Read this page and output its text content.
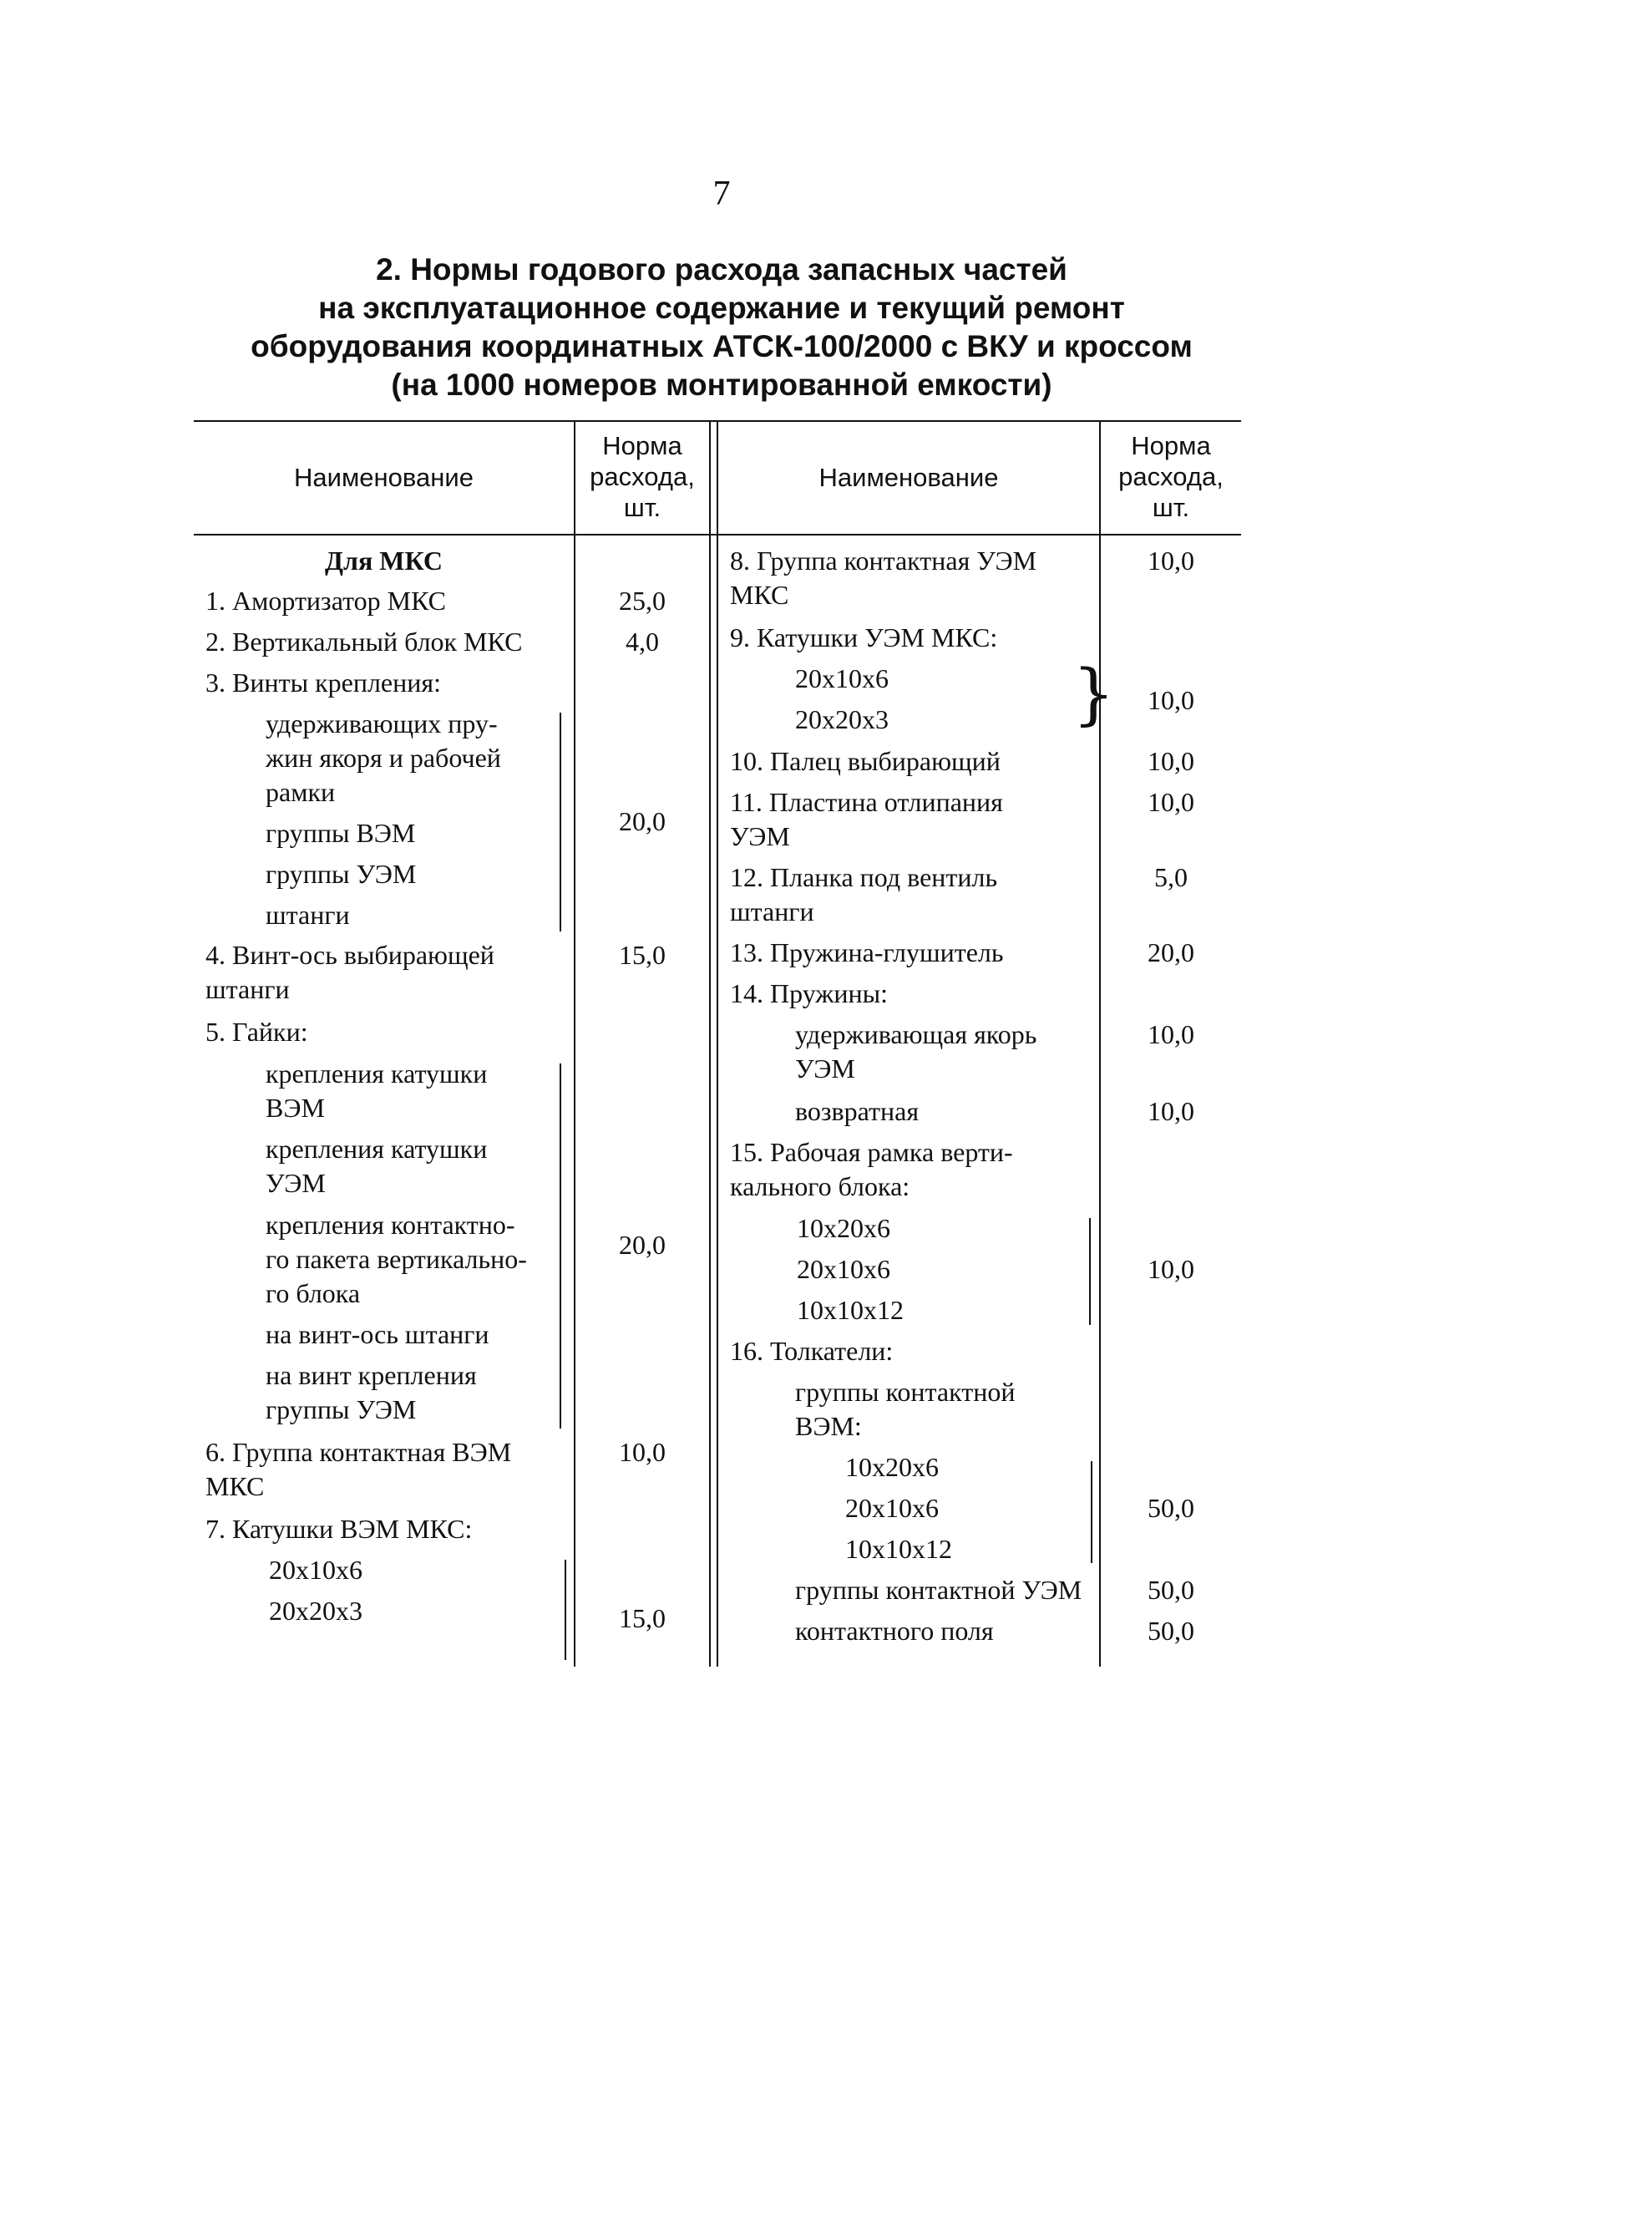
7
2. Нормы годового расхода запасных частей
на эксплуатационное содержание и текущий ремонт
оборудования координатных АТСК-100/2000 с ВКУ и кроссом
(на 1000 номеров монтированной емкости)
Наименование
Норма
расхода,
шт.
Наименование
Норма
расхода,
шт.
Для МКС
1. Амортизатор МКС
2. Вертикальный блок МКС
3. Винты крепления:
удерживающих пру-
жин якоря и рабочей
рамки
группы ВЭМ
группы УЭМ
штанги
4. Винт-ось выбирающей
штанги
5. Гайки:
крепления катушки
ВЭМ
крепления катушки
УЭМ
крепления контактно-
го пакета вертикально-
го блока
на винт-ось штанги
на винт крепления
группы УЭМ
6. Группа контактная ВЭМ
МКС
7. Катушки ВЭМ МКС:
20х10х6
20х20х3
25,0
4,0
20,0
15,0
20,0
10,0
15,0
8. Группа контактная УЭМ
МКС
9. Катушки УЭМ МКС:
20х10х6
20х20х3
10. Палец выбирающий
11. Пластина отлипания
УЭМ
12. Планка под вентиль
штанги
13. Пружина-глушитель
14. Пружины:
удерживающая якорь
УЭМ
возвратная
15. Рабочая рамка верти-
кального блока:
10х20х6
20х10х6
10х10х12
16. Толкатели:
группы контактной
ВЭМ:
10х20х6
20х10х6
10х10х12
группы контактной УЭМ
контактного поля
}
10,0
10,0
10,0
10,0
5,0
20,0
10,0
10,0
10,0
50,0
50,0
50,0
